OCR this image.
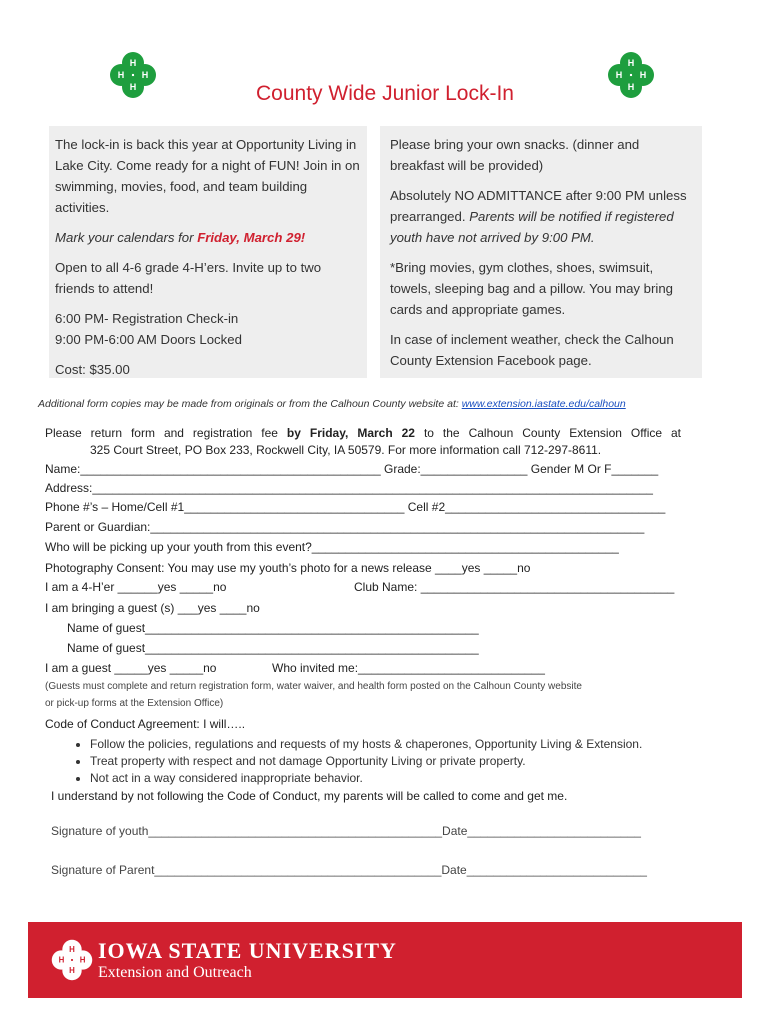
H
H
H
H
H
H
H
H
County Wide Junior Lock-In

The lock-in is back this year at Opportunity Living in Lake City. Come ready for a night of FUN! Join in on swimming, movies, food, and team building activities.

Mark your calendars for Friday, March 29!

Open to all 4-6 grade 4-H’ers. Invite up to two friends to attend!

6:00 PM- Registration Check-in

9:00 PM-6:00 AM Doors Locked

Cost: $35.00

Please bring your own snacks. (dinner and breakfast will be provided)

Absolutely NO ADMITTANCE after 9:00 PM unless prearranged. Parents will be notified if registered youth have not arrived by 9:00 PM.

*Bring movies, gym clothes, shoes, swimsuit, towels, sleeping bag and a pillow. You may bring cards and appropriate games.

In case of inclement weather, check the Calhoun County Extension Facebook page.

Additional form copies may be made from originals or from the Calhoun County website at: www.extension.iastate.edu/calhoun
Please return form and registration fee by Friday, March 22 to the Calhoun County Extension Office at
325 Court Street, PO Box 233, Rockwell City, IA 50579. For more information call 712-297-8611.
Name:_____________________________________________ Grade:________________ Gender M Or F_______
Address:____________________________________________________________________________________
Phone #’s – Home/Cell #1_________________________________ Cell #2_________________________________
Parent or Guardian:__________________________________________________________________________
Who will be picking up your youth from this event?______________________________________________
Photography Consent: You may use my youth’s photo for a news release ____yes _____no
I am a 4-H’er ______yes _____no	Club Name: ______________________________________
I am bringing a guest (s) ___yes ____no
Name of guest__________________________________________________
Name of guest__________________________________________________
I am a guest _____yes _____no	Who invited me:____________________________
(Guests must complete and return registration form, water waiver, and health form posted on the Calhoun County website
or pick-up forms at the Extension Office)
Code of Conduct Agreement: I will…..
• Follow the policies, regulations and requests of my hosts & chaperones, Opportunity Living & Extension.
• Treat property with respect and not damage Opportunity Living or private property.
• Not act in a way considered inappropriate behavior.
I understand by not following the Code of Conduct, my parents will be called to come and get me.
Signature of youth____________________________________________Date__________________________
Signature of Parent___________________________________________Date___________________________
H
H
H
H IOWA STATE UNIVERSITY
Extension and Outreach
